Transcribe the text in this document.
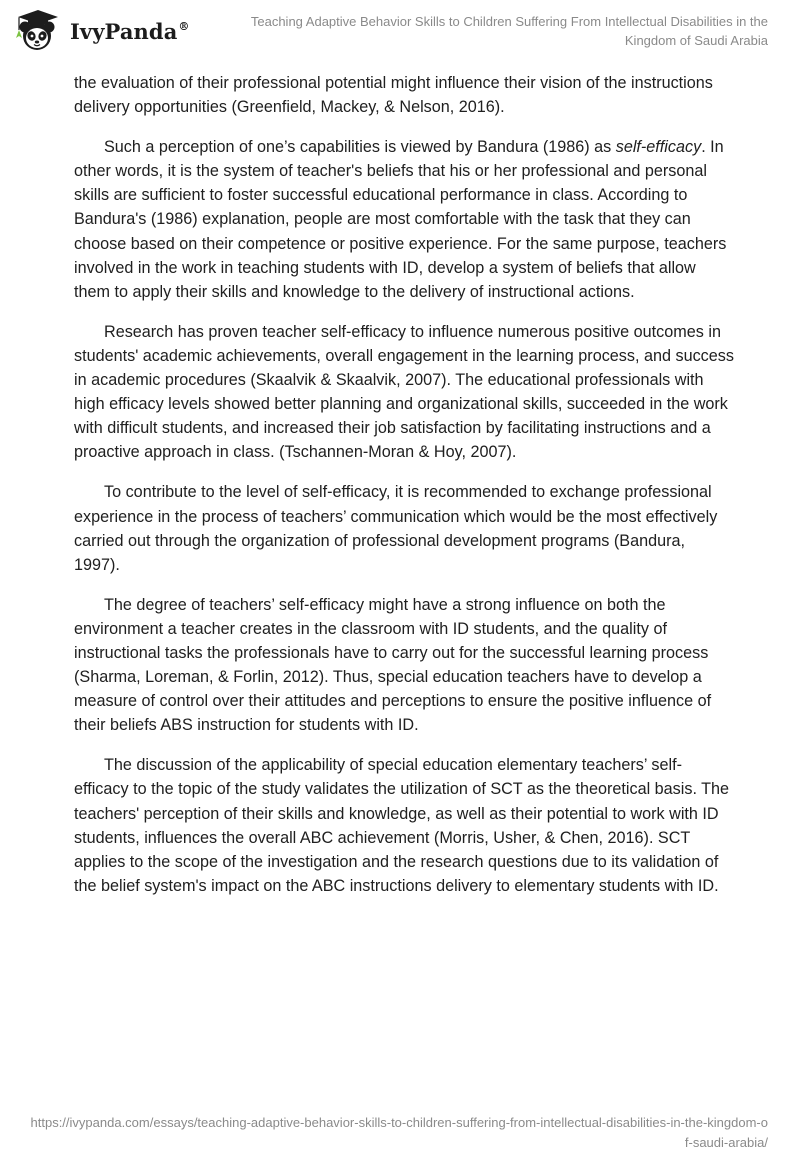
IvyPanda®	Teaching Adaptive Behavior Skills to Children Suffering From Intellectual Disabilities in the Kingdom of Saudi Arabia

the evaluation of their professional potential might influence their vision of the instructions delivery opportunities (Greenfield, Mackey, & Nelson, 2016).

Such a perception of one’s capabilities is viewed by Bandura (1986) as self-efficacy. In other words, it is the system of teacher's beliefs that his or her professional and personal skills are sufficient to foster successful educational performance in class. According to Bandura's (1986) explanation, people are most comfortable with the task that they can choose based on their competence or positive experience. For the same purpose, teachers involved in the work in teaching students with ID, develop a system of beliefs that allow them to apply their skills and knowledge to the delivery of instructional actions.

Research has proven teacher self-efficacy to influence numerous positive outcomes in students' academic achievements, overall engagement in the learning process, and success in academic procedures (Skaalvik & Skaalvik, 2007). The educational professionals with high efficacy levels showed better planning and organizational skills, succeeded in the work with difficult students, and increased their job satisfaction by facilitating instructions and a proactive approach in class. (Tschannen-Moran & Hoy, 2007).

To contribute to the level of self-efficacy, it is recommended to exchange professional experience in the process of teachers’ communication which would be the most effectively carried out through the organization of professional development programs (Bandura, 1997).

The degree of teachers’ self-efficacy might have a strong influence on both the environment a teacher creates in the classroom with ID students, and the quality of instructional tasks the professionals have to carry out for the successful learning process (Sharma, Loreman, & Forlin, 2012). Thus, special education teachers have to develop a measure of control over their attitudes and perceptions to ensure the positive influence of their beliefs ABS instruction for students with ID.

The discussion of the applicability of special education elementary teachers’ self-efficacy to the topic of the study validates the utilization of SCT as the theoretical basis. The teachers' perception of their skills and knowledge, as well as their potential to work with ID students, influences the overall ABC achievement (Morris, Usher, & Chen, 2016). SCT applies to the scope of the investigation and the research questions due to its validation of the belief system's impact on the ABC instructions delivery to elementary students with ID.

https://ivypanda.com/essays/teaching-adaptive-behavior-skills-to-children-suffering-from-intellectual-disabilities-in-the-kingdom-of-saudi-arabia/
